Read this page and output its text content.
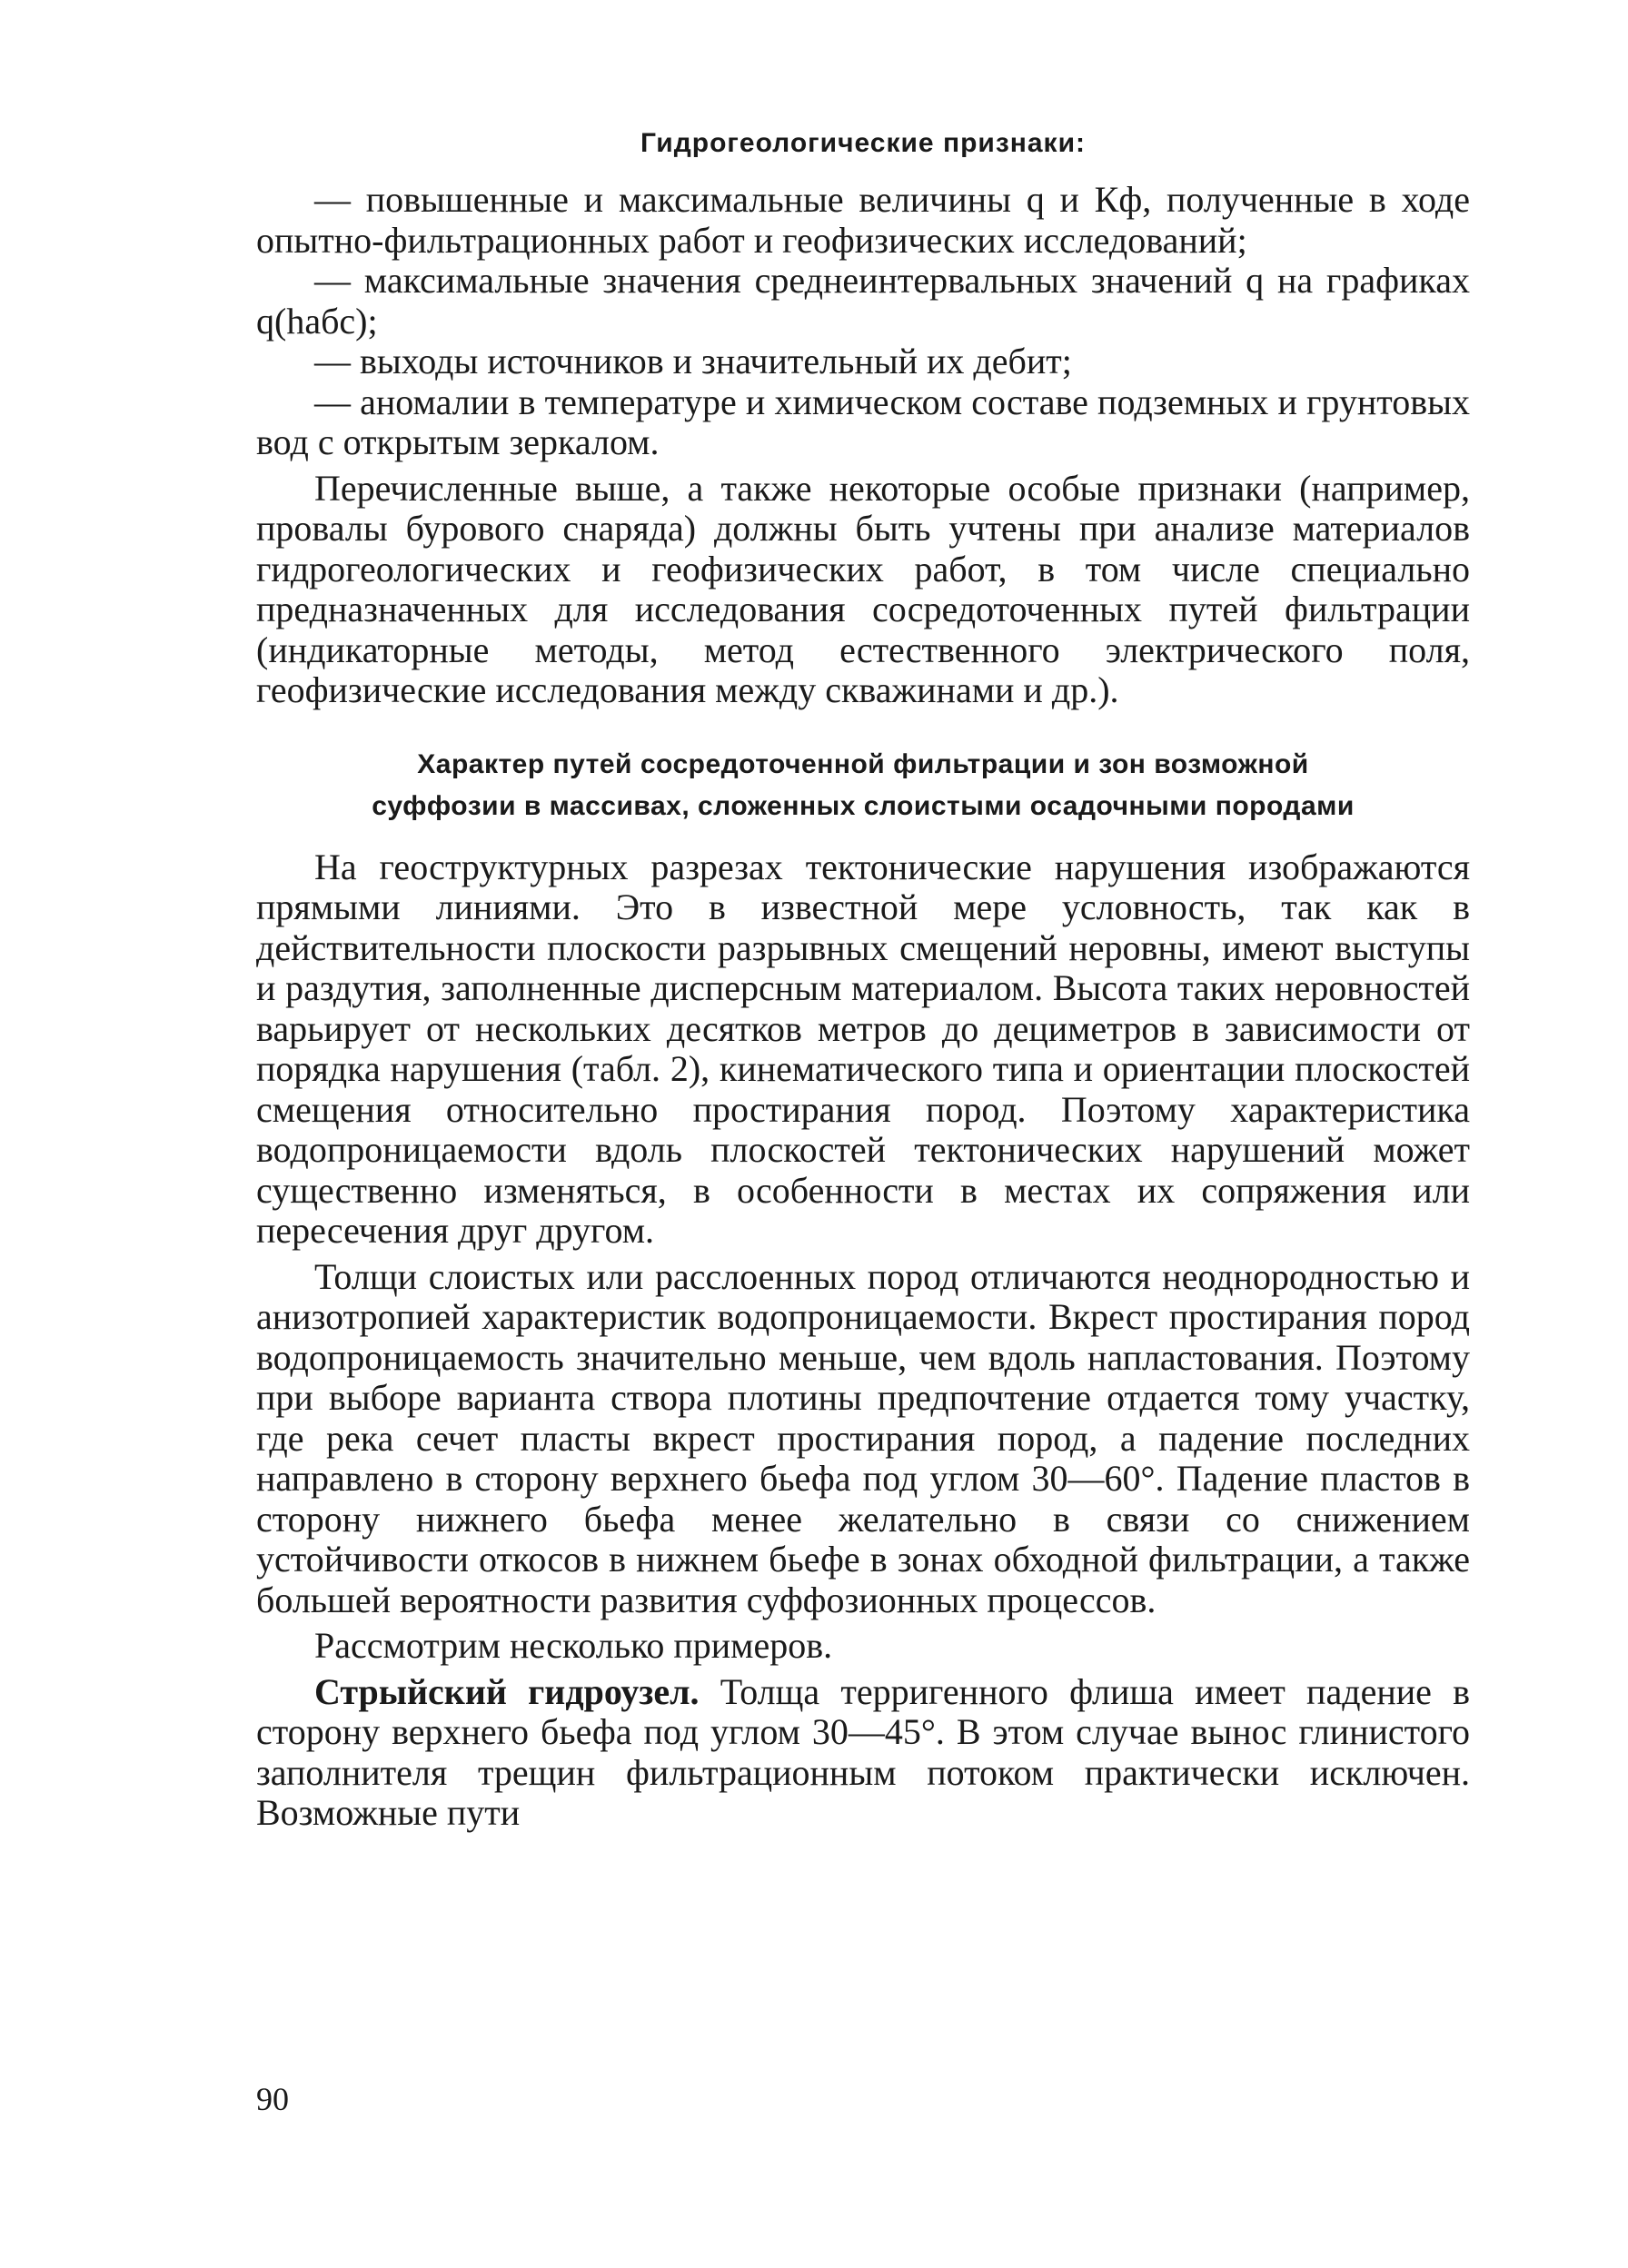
Гидрогеологические признаки:

— повышенные и максимальные величины q и Кф, полученные в ходе опытно-фильтрационных работ и геофизических исследований;

— максимальные значения среднеинтервальных значений q на графиках q(hабс);

— выходы источников и значительный их дебит;

— аномалии в температуре и химическом составе подземных и грунтовых вод с открытым зеркалом.

Перечисленные выше, а также некоторые особые признаки (например, провалы бурового снаряда) должны быть учтены при анализе материалов гидрогеологических и геофизических работ, в том числе специально предназначенных для исследования сосредоточенных путей фильтрации (индикаторные методы, метод естественного электрического поля, геофизические исследования между скважинами и др.).

Характер путей сосредоточенной фильтрации и зон возможной
суффозии в массивах, сложенных слоистыми осадочными породами

На геоструктурных разрезах тектонические нарушения изображаются прямыми линиями. Это в известной мере условность, так как в действительности плоскости разрывных смещений неровны, имеют выступы и раздутия, заполненные дисперсным материалом. Высота таких неровностей варьирует от нескольких десятков метров до дециметров в зависимости от порядка нарушения (табл. 2), кинематического типа и ориентации плоскостей смещения относительно простирания пород. Поэтому характеристика водопроницаемости вдоль плоскостей тектонических нарушений может существенно изменяться, в особенности в местах их сопряжения или пересечения друг другом.

Толщи слоистых или расслоенных пород отличаются неоднородностью и анизотропией характеристик водопроницаемости. Вкрест простирания пород водопроницаемость значительно меньше, чем вдоль напластования. Поэтому при выборе варианта створа плотины предпочтение отдается тому участку, где река сечет пласты вкрест простирания пород, а падение последних направлено в сторону верхнего бьефа под углом 30—60°. Падение пластов в сторону нижнего бьефа менее желательно в связи со снижением устойчивости откосов в нижнем бьефе в зонах обходной фильтрации, а также большей вероятности развития суффозионных процессов.

Рассмотрим несколько примеров.

Стрыйский гидроузел. Толща терригенного флиша имеет падение в сторону верхнего бьефа под углом 30—45°. В этом случае вынос глинистого заполнителя трещин фильтрационным потоком практически исключен. Возможные пути

90
